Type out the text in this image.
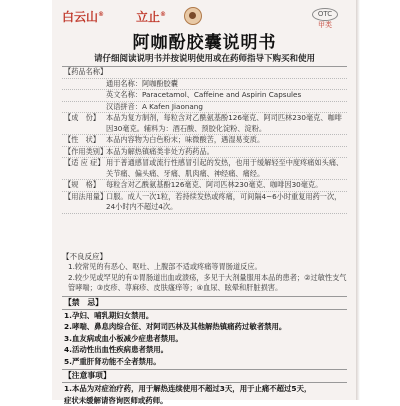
白云山®	立止®	OTC
甲类
阿咖酚胶囊说明书
请仔细阅读说明书并按说明使用或在药师指导下购买和使用
【药品名称】
通用名称：阿咖酚胶囊
英文名称：Paracetamol、Caffeine and Aspirin Capsules
汉语拼音：A Kafen Jiaonang
【成　份】 本品为复方制剂，每粒含对乙酰氨基酚126毫克、阿司匹林230毫克、咖啡因30毫克。辅料为：酒石酸、预胶化淀粉、淀粉。
【性　状】 本品内容物为白色粉末；味微酸苦，遇湿易变质。
【作用类别】
本品为解热镇痛类非处方药药品。
【适 应 症】 用于普通感冒或流行性感冒引起的发热，也用于缓解轻至中度疼痛如头痛、关节痛、偏头痛、牙痛、肌肉痛、神经痛、痛经。
【规　格】 每粒含对乙酰氨基酚126毫克、阿司匹林230毫克、咖啡因30毫克。
【用法用量】
口服。成人一次1粒，若持续发热或疼痛，可间隔4~6小时重复用药一次，24小时内不超过4次。
【不良反应】
1.较常见的有恶心、呕吐、上腹部不适或疼痛等胃肠道反应。
2.较少见或罕见的有①胃肠道出血或溃疡，多见于大剂量服用本品的患者；②过敏性支气管哮喘；③皮疹、荨麻疹、皮肤瘙痒等；④血尿、眩晕和肝脏损害。
【禁　忌】
1.孕妇、哺乳期妇女禁用。
2.哮喘、鼻息肉综合征、对阿司匹林及其他解热镇痛药过敏者禁用。
3.血友病或血小板减少症患者禁用。
4.活动性出血性疾病患者禁用。
5.严重肝肾功能不全者禁用。
【注意事项】
1.本品为对症治疗药，用于解热连续使用不超过3天，用于止痛不超过5天，
症状未缓解请咨询医师或药师。
